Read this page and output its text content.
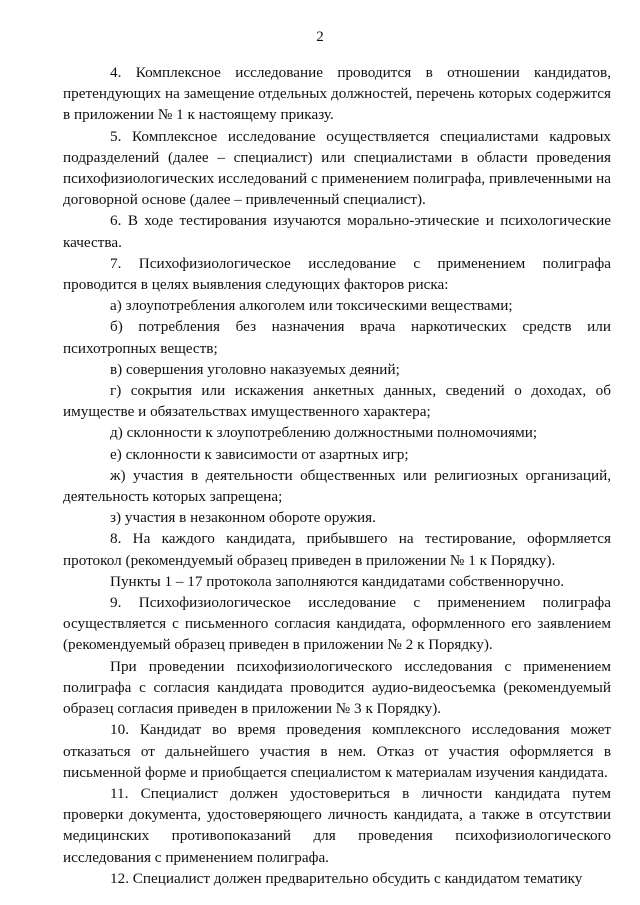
2

4. Комплексное исследование проводится в отношении кандидатов, претендующих на замещение отдельных должностей, перечень которых содержится в приложении № 1 к настоящему приказу.

5. Комплексное исследование осуществляется специалистами кадровых подразделений (далее – специалист) или специалистами в области проведения психофизиологических исследований с применением полиграфа, привлеченными на договорной основе (далее – привлеченный специалист).

6. В ходе тестирования изучаются морально-этические и психологические качества.

7. Психофизиологическое исследование с применением полиграфа проводится в целях выявления следующих факторов риска:

а) злоупотребления алкоголем или токсическими веществами;

б) потребления без назначения врача наркотических средств или психотропных веществ;

в) совершения уголовно наказуемых деяний;

г) сокрытия или искажения анкетных данных, сведений о доходах, об имуществе и обязательствах имущественного характера;

д) склонности к злоупотреблению должностными полномочиями;

е) склонности к зависимости от азартных игр;

ж) участия в деятельности общественных или религиозных организаций, деятельность которых запрещена;

з) участия в незаконном обороте оружия.

8. На каждого кандидата, прибывшего на тестирование, оформляется протокол (рекомендуемый образец приведен в приложении № 1 к Порядку).

Пункты 1 – 17 протокола заполняются кандидатами собственноручно.

9. Психофизиологическое исследование с применением полиграфа осуществляется с письменного согласия кандидата, оформленного его заявлением (рекомендуемый образец приведен в приложении № 2 к Порядку).

При проведении психофизиологического исследования с применением полиграфа с согласия кандидата проводится аудио-видеосъемка (рекомендуемый образец согласия приведен в приложении № 3 к Порядку).

10. Кандидат во время проведения комплексного исследования может отказаться от дальнейшего участия в нем. Отказ от участия оформляется в письменной форме и приобщается специалистом к материалам изучения кандидата.

11. Специалист должен удостовериться в личности кандидата путем проверки документа, удостоверяющего личность кандидата, а также в отсутствии медицинских противопоказаний для проведения психофизиологического исследования с применением полиграфа.

12. Специалист должен предварительно обсудить с кандидатом тематику
